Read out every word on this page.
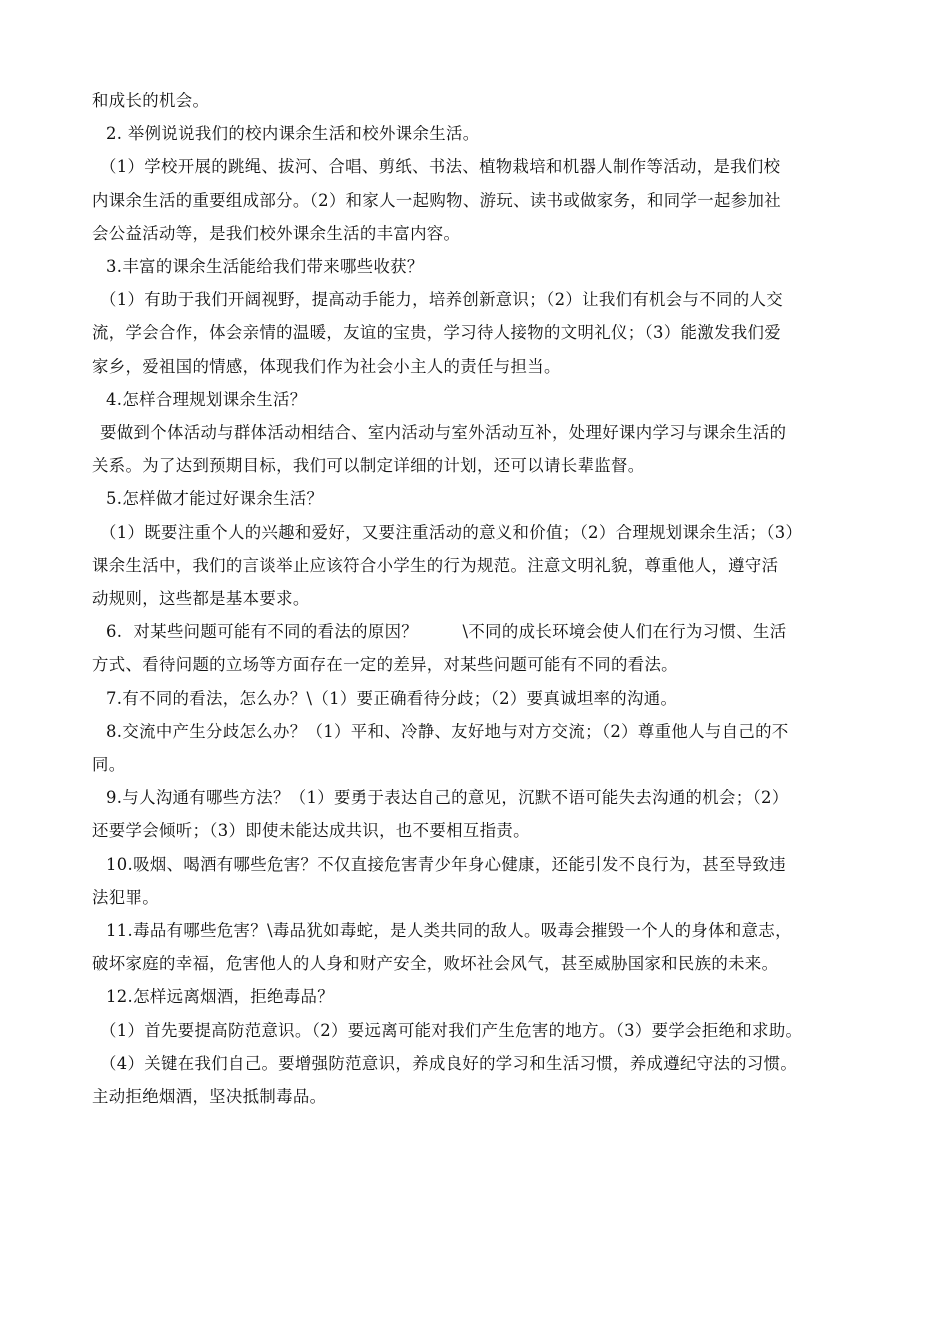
和成长的机会。
2. 举例说说我们的校内课余生活和校外课余生活。
（1）学校开展的跳绳、拔河、合唱、剪纸、书法、植物栽培和机器人制作等活动，是我们校
内课余生活的重要组成部分。（2）和家人一起购物、游玩、读书或做家务，和同学一起参加社
会公益活动等，是我们校外课余生活的丰富内容。
3.丰富的课余生活能给我们带来哪些收获？
（1）有助于我们开阔视野，提高动手能力，培养创新意识；（2）让我们有机会与不同的人交
流，学会合作，体会亲情的温暖，友谊的宝贵，学习待人接物的文明礼仪；（3）能激发我们爱
家乡，爱祖国的情感，体现我们作为社会小主人的责任与担当。
4.怎样合理规划课余生活？
要做到个体活动与群体活动相结合、室内活动与室外活动互补，处理好课内学习与课余生活的
关系。为了达到预期目标，我们可以制定详细的计划，还可以请长辈监督。
5.怎样做才能过好课余生活？
（1）既要注重个人的兴趣和爱好，又要注重活动的意义和价值；（2）合理规划课余生活；（3）
课余生活中，我们的言谈举止应该符合小学生的行为规范。注意文明礼貌，尊重他人，遵守活
动规则，这些都是基本要求。
6.  对某些问题可能有不同的看法的原因？        \不同的成长环境会使人们在行为习惯、生活
方式、看待问题的立场等方面存在一定的差异，对某些问题可能有不同的看法。
7.有不同的看法，怎么办？\（1）要正确看待分歧；（2）要真诚坦率的沟通。
8.交流中产生分歧怎么办？（1）平和、冷静、友好地与对方交流；（2）尊重他人与自己的不
同。
9.与人沟通有哪些方法？（1）要勇于表达自己的意见，沉默不语可能失去沟通的机会；（2）
还要学会倾听；（3）即使未能达成共识，也不要相互指责。
10.吸烟、喝酒有哪些危害？不仅直接危害青少年身心健康，还能引发不良行为，甚至导致违
法犯罪。
11.毒品有哪些危害？\毒品犹如毒蛇，是人类共同的敌人。吸毒会摧毁一个人的身体和意志，
破坏家庭的幸福，危害他人的人身和财产安全，败坏社会风气，甚至威胁国家和民族的未来。
12.怎样远离烟酒，拒绝毒品？
（1）首先要提高防范意识。（2）要远离可能对我们产生危害的地方。（3）要学会拒绝和求助。
（4）关键在我们自己。要增强防范意识，养成良好的学习和生活习惯，养成遵纪守法的习惯。
主动拒绝烟酒，坚决抵制毒品。
